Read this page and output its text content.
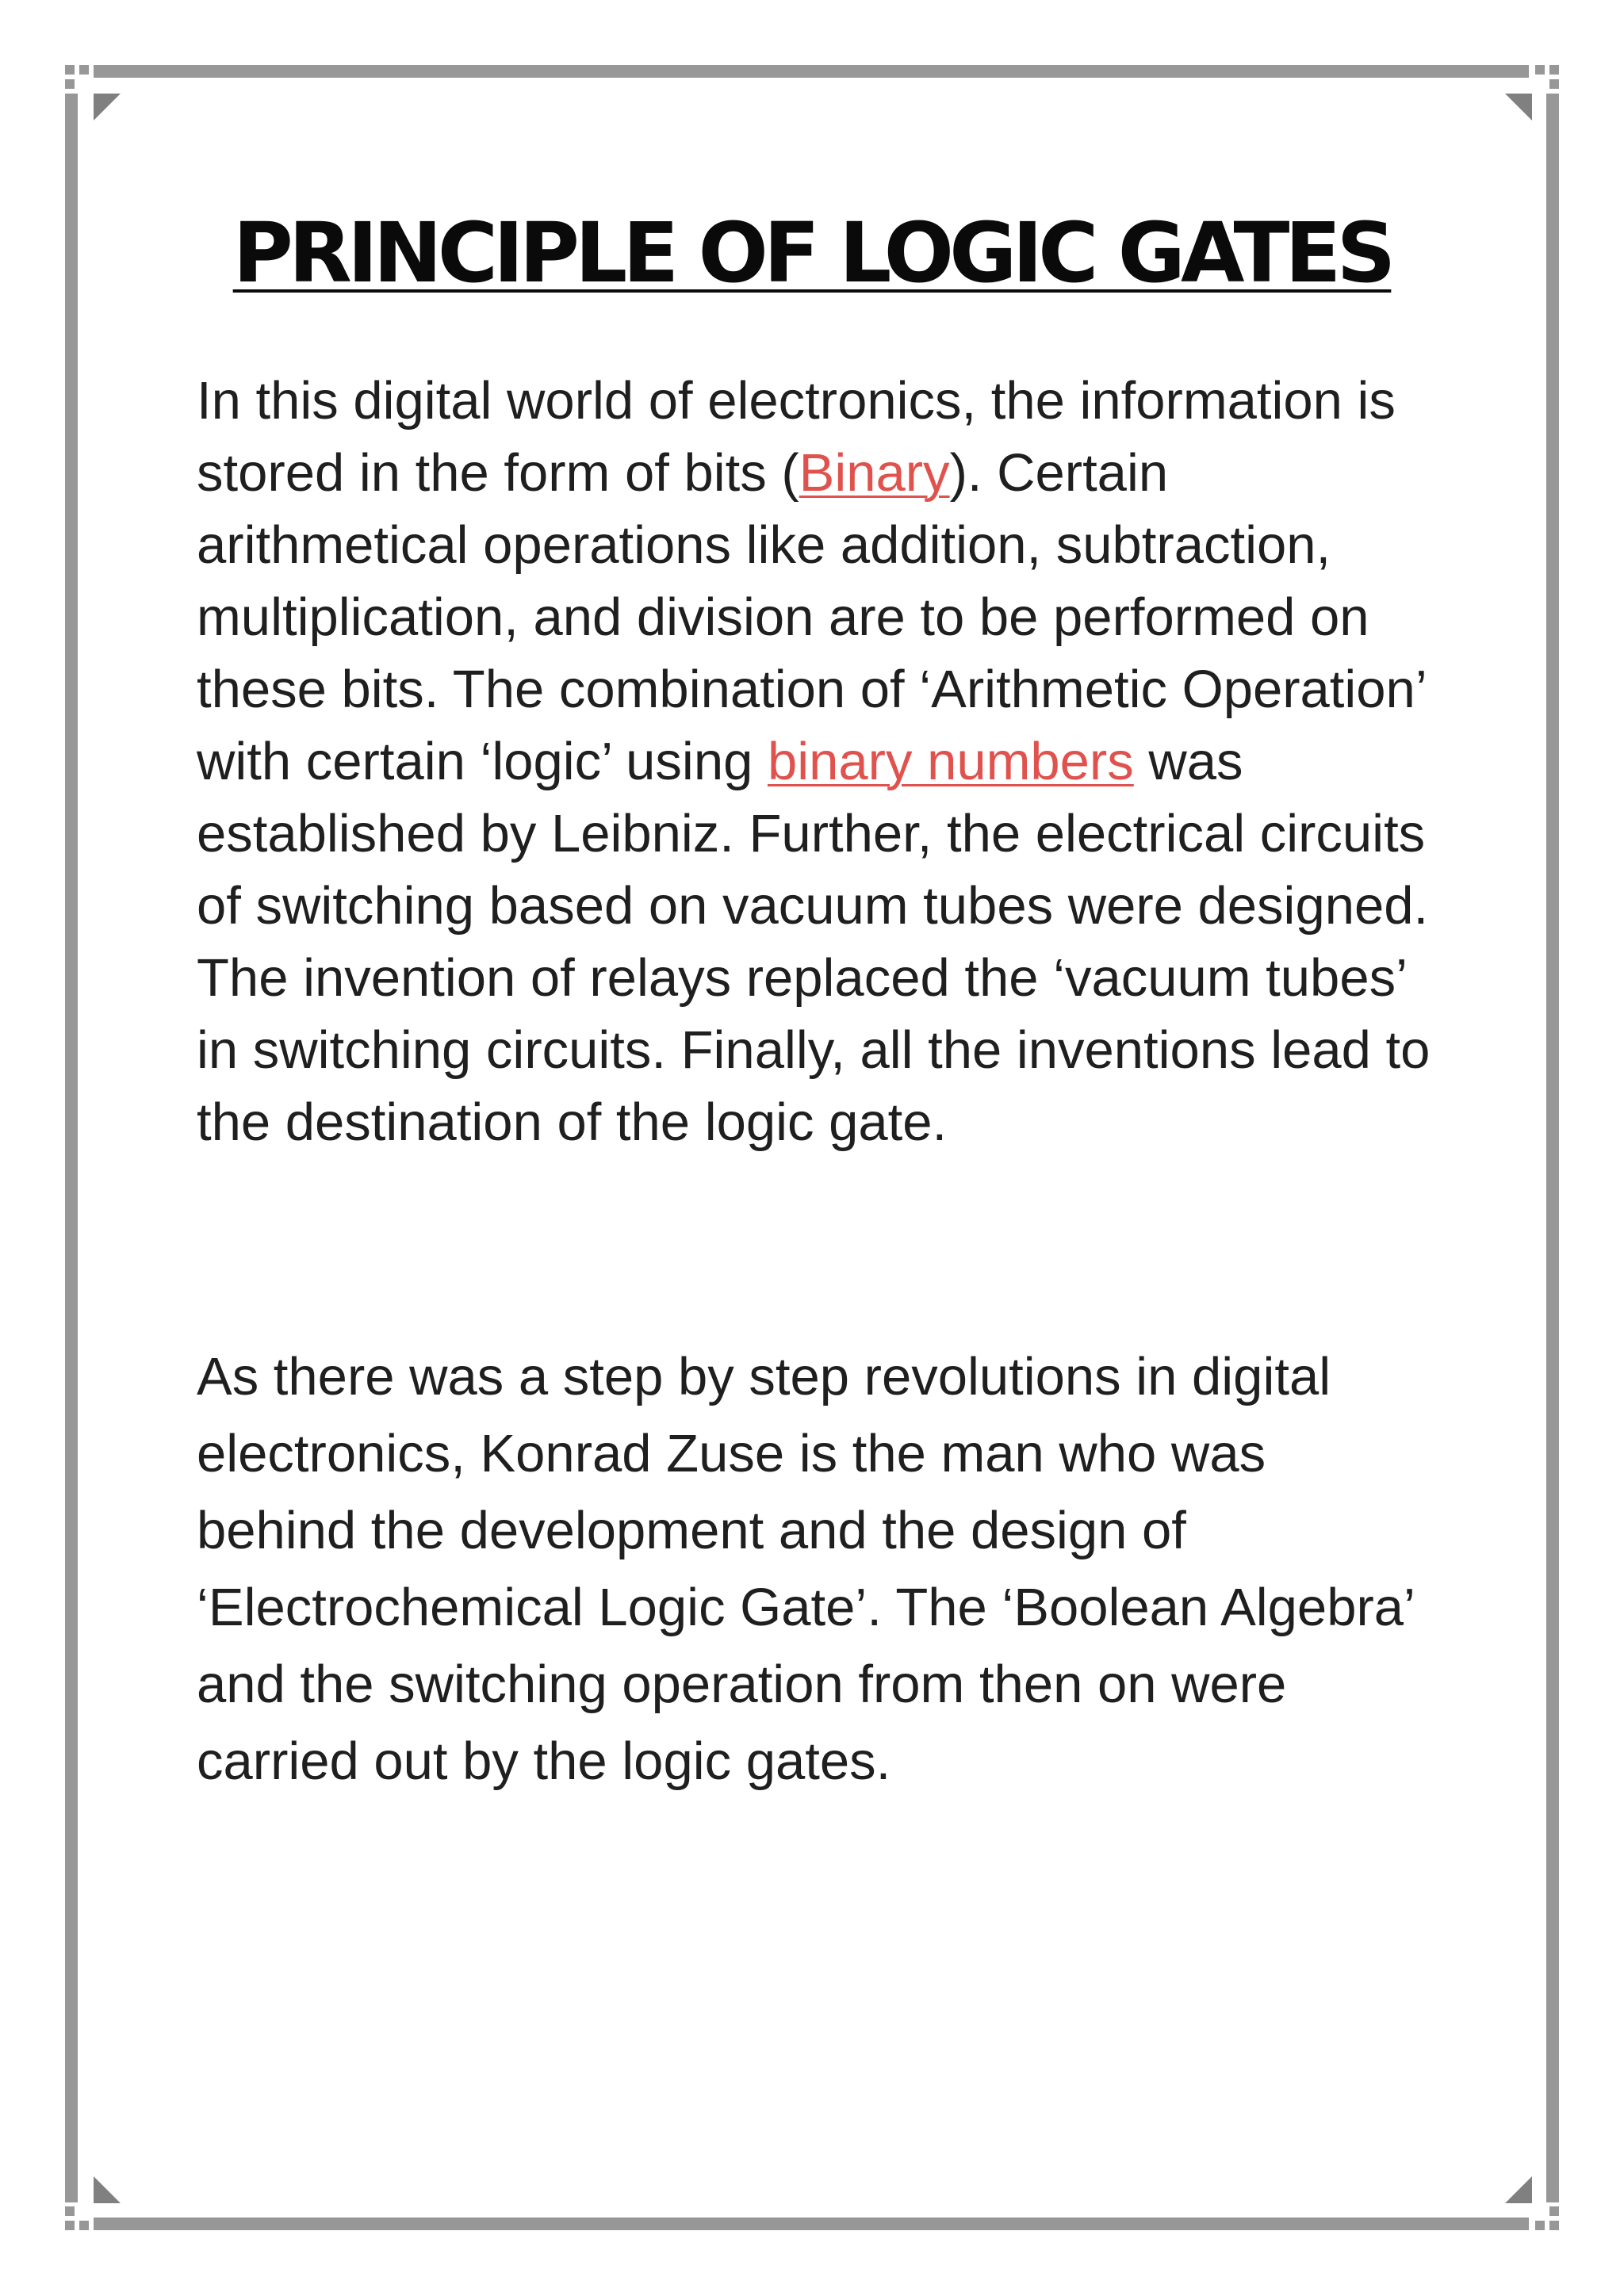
PRINCIPLE OF LOGIC GATES

In this digital world of electronics, the information is stored in the form of bits (Binary). Certain arithmetical operations like addition, subtraction, multiplication, and division are to be performed on these bits. The combination of ‘Arithmetic Operation’ with certain ‘logic’ using binary numbers was established by Leibniz. Further, the electrical circuits of switching based on vacuum tubes were designed. The invention of relays replaced the ‘vacuum tubes’ in switching circuits. Finally, all the inventions lead to the destination of the logic gate.

As there was a step by step revolutions in digital electronics, Konrad Zuse is the man who was behind the development and the design of ‘Electrochemical Logic Gate’. The ‘Boolean Algebra’ and the switching operation from then on were carried out by the logic gates.
